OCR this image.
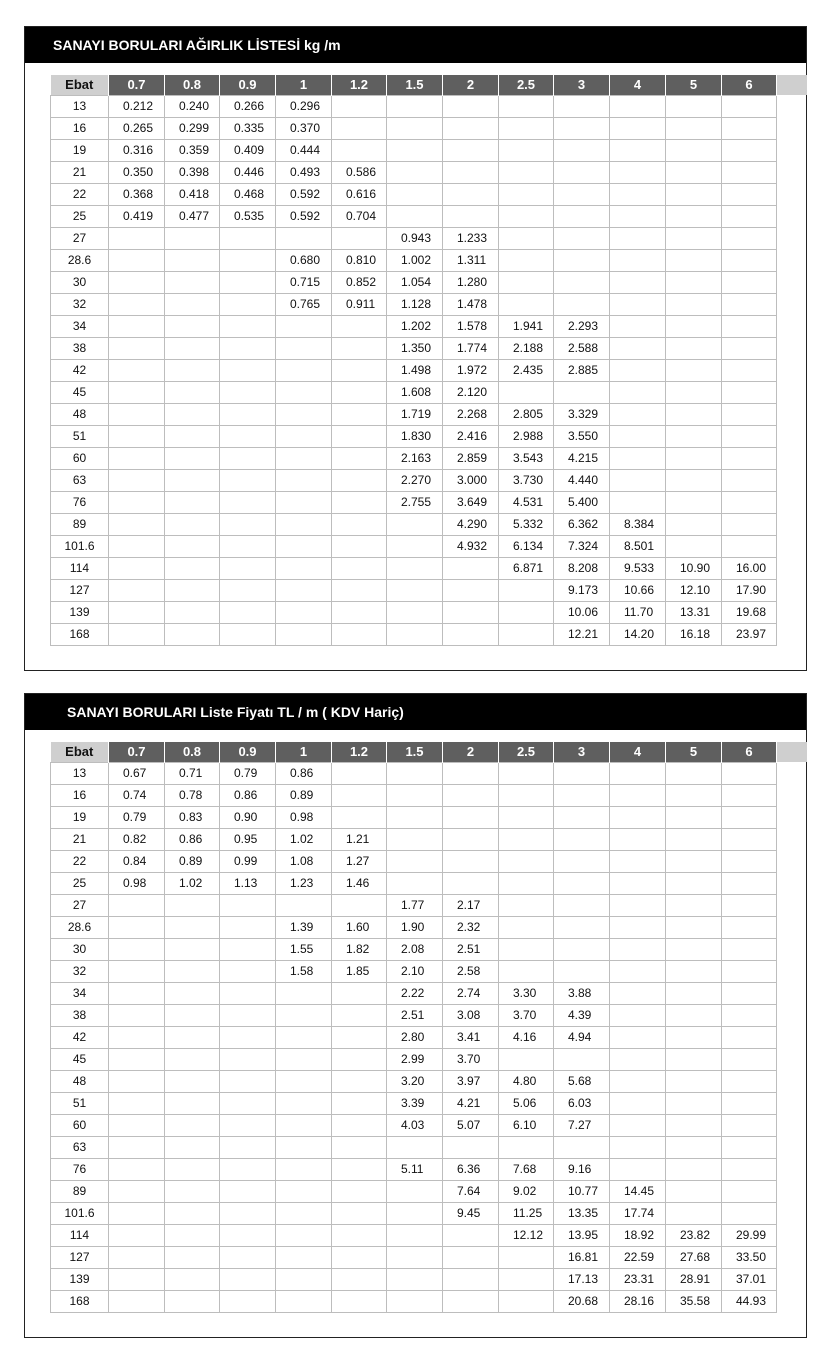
SANAYI BORULARI AĞIRLIK LİSTESİ kg /m
Ebat	0.7	0.8	0.9	1	1.2	1.5	2	2.5	3	4	5	6	
13	0.212	0.240	0.266	0.296									
16	0.265	0.299	0.335	0.370									
19	0.316	0.359	0.409	0.444									
21	0.350	0.398	0.446	0.493	0.586								
22	0.368	0.418	0.468	0.592	0.616								
25	0.419	0.477	0.535	0.592	0.704								
27						0.943	1.233						
28.6				0.680	0.810	1.002	1.311						
30				0.715	0.852	1.054	1.280						
32				0.765	0.911	1.128	1.478						
34						1.202	1.578	1.941	2.293				
38						1.350	1.774	2.188	2.588				
42						1.498	1.972	2.435	2.885				
45						1.608	2.120						
48						1.719	2.268	2.805	3.329				
51						1.830	2.416	2.988	3.550				
60						2.163	2.859	3.543	4.215				
63						2.270	3.000	3.730	4.440				
76						2.755	3.649	4.531	5.400				
89							4.290	5.332	6.362	8.384			
101.6							4.932	6.134	7.324	8.501			
114								6.871	8.208	9.533	10.90	16.00	
127									9.173	10.66	12.10	17.90	
139									10.06	11.70	13.31	19.68	
168									12.21	14.20	16.18	23.97	
SANAYI BORULARI Liste Fiyatı TL / m ( KDV Hariç)
Ebat	0.7	0.8	0.9	1	1.2	1.5	2	2.5	3	4	5	6	
13	0.67	0.71	0.79	0.86									
16	0.74	0.78	0.86	0.89									
19	0.79	0.83	0.90	0.98									
21	0.82	0.86	0.95	1.02	1.21								
22	0.84	0.89	0.99	1.08	1.27								
25	0.98	1.02	1.13	1.23	1.46								
27						1.77	2.17						
28.6				1.39	1.60	1.90	2.32						
30				1.55	1.82	2.08	2.51						
32				1.58	1.85	2.10	2.58						
34						2.22	2.74	3.30	3.88				
38						2.51	3.08	3.70	4.39				
42						2.80	3.41	4.16	4.94				
45						2.99	3.70						
48						3.20	3.97	4.80	5.68				
51						3.39	4.21	5.06	6.03				
60						4.03	5.07	6.10	7.27				
63													
76						5.11	6.36	7.68	9.16				
89							7.64	9.02	10.77	14.45			
101.6							9.45	11.25	13.35	17.74			
114								12.12	13.95	18.92	23.82	29.99	
127									16.81	22.59	27.68	33.50	
139									17.13	23.31	28.91	37.01	
168									20.68	28.16	35.58	44.93	
